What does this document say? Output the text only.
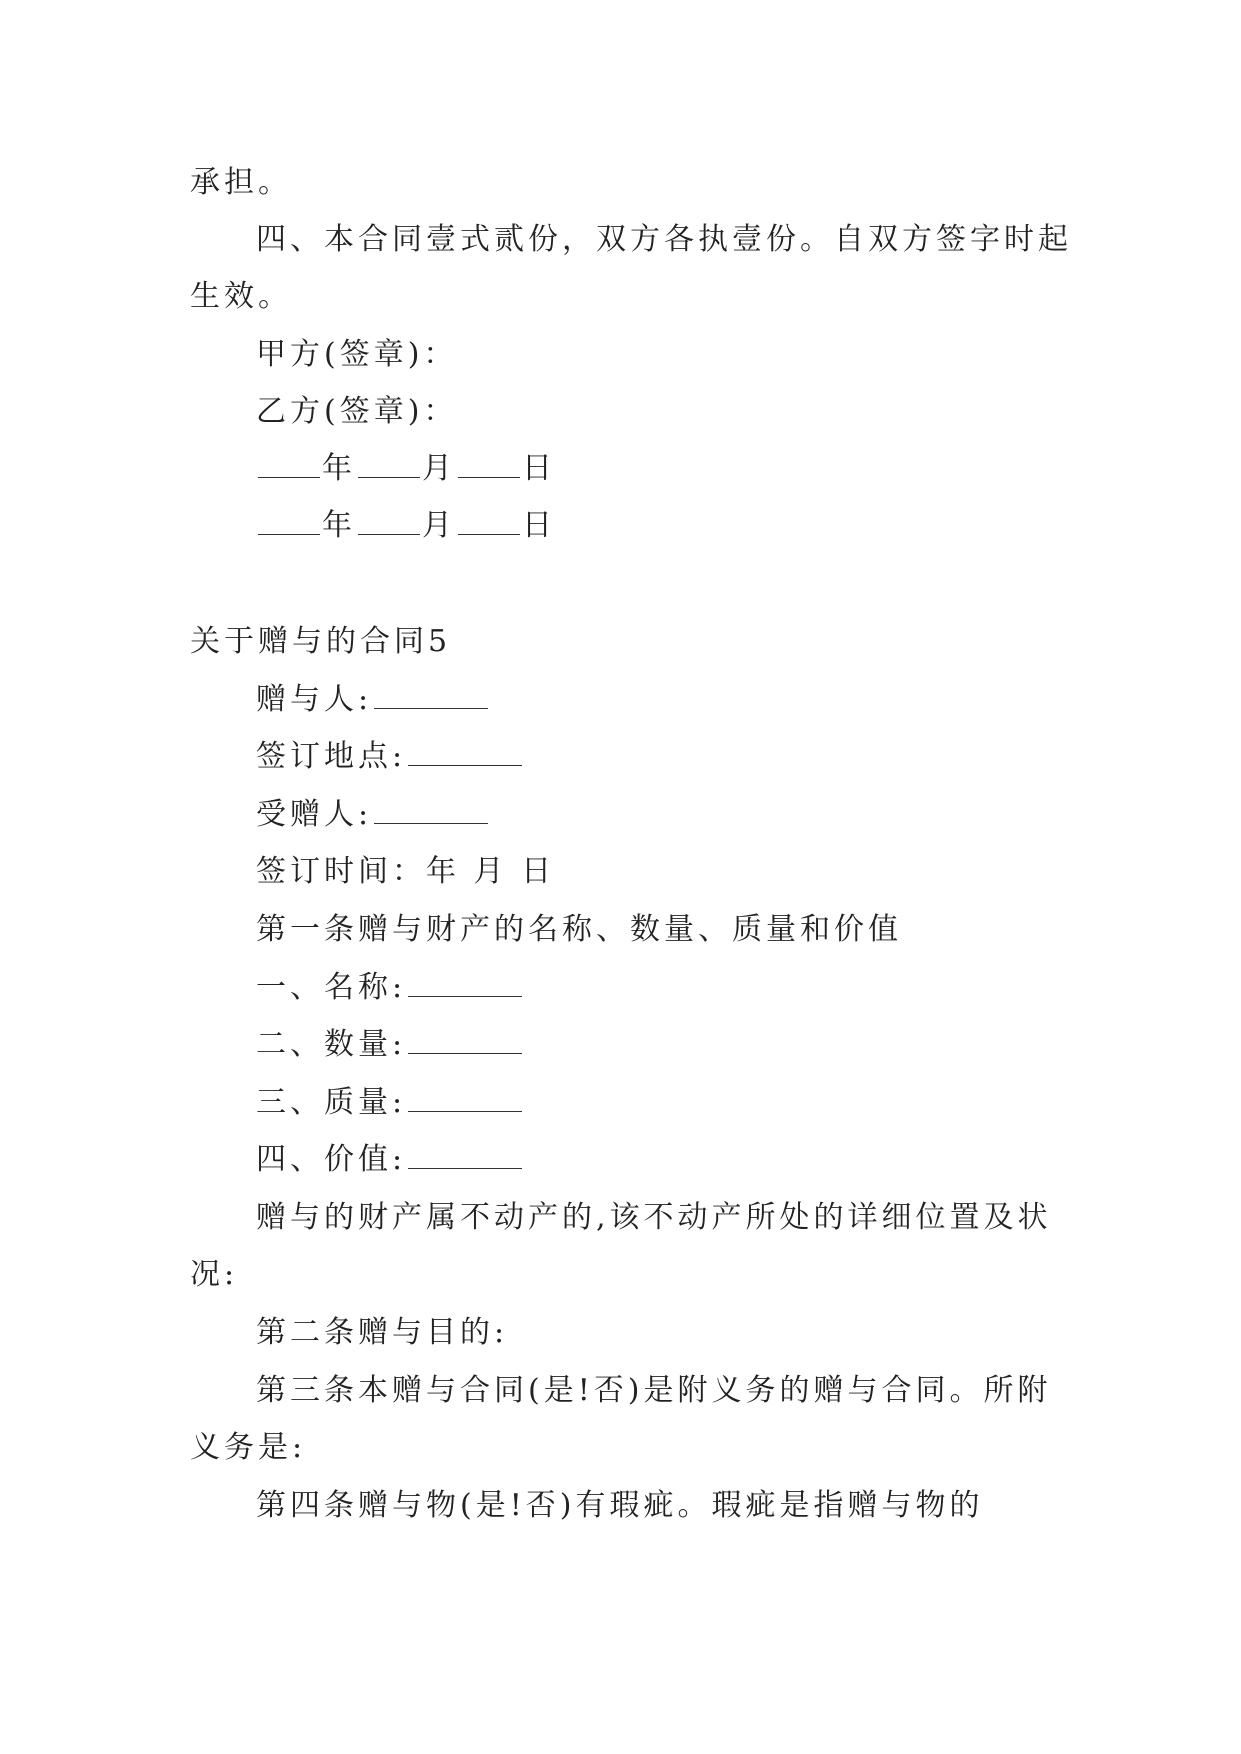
承担。
四、本合同壹式贰份，双方各执壹份。自双方签字时起
生效。
甲方(签章)：
乙方(签章)：
年 月 日
年 月 日
关于赠与的合同5
赠与人:
签订地点:
受赠人:
签订时间：年 月 日
第一条赠与财产的名称、数量、质量和价值
一、名称:
二、数量:
三、质量:
四、价值:
赠与的财产属不动产的,该不动产所处的详细位置及状
况:
第二条赠与目的:
第三条本赠与合同(是!否)是附义务的赠与合同。所附
义务是:
第四条赠与物(是!否)有瑕疵。瑕疵是指赠与物的
